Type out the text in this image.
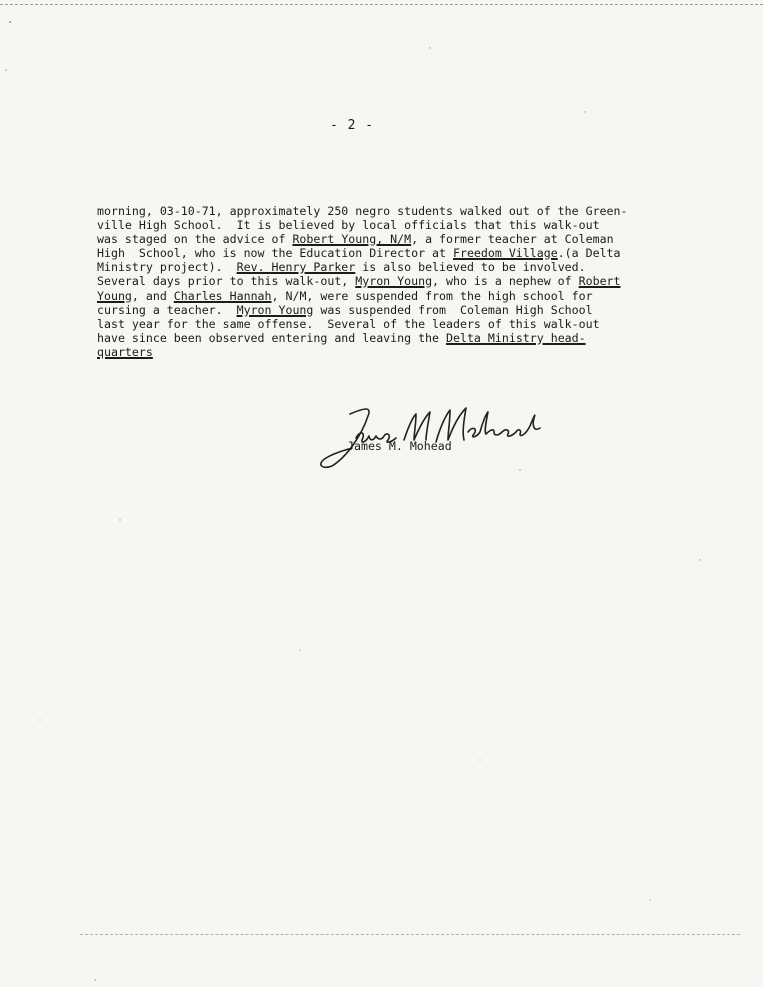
- 2 -
morning, 03-10-71, approximately 250 negro students walked out of the Green-
ville High School.  It is believed by local officials that this walk-out
was staged on the advice of Robert Young, N/M, a former teacher at Coleman
High  School, who is now the Education Director at Freedom Village.(a Delta
Ministry project).  Rev. Henry Parker is also believed to be involved.
Several days prior to this walk-out, Myron Young, who is a nephew of Robert
Young, and Charles Hannah, N/M, were suspended from the high school for
cursing a teacher.  Myron Young was suspended from  Coleman High School
last year for the same offense.  Several of the leaders of this walk-out
have since been observed entering and leaving the Delta Ministry head-
quarters
James M. Mohead
